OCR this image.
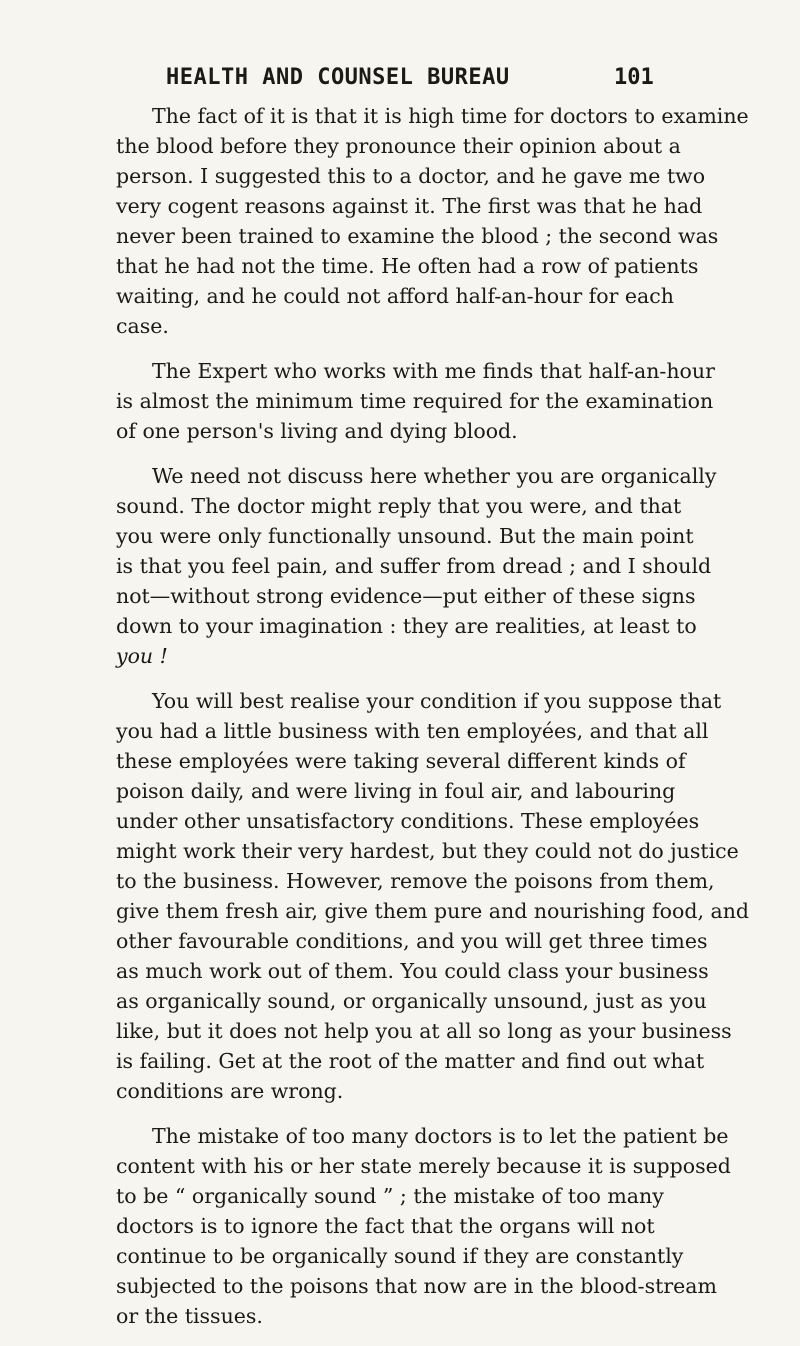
HEALTH AND COUNSEL BUREAU	101
The fact of it is that it is high time for doctors to examine
the blood before they pronounce their opinion about a
person. I suggested this to a doctor, and he gave me two
very cogent reasons against it. The first was that he had
never been trained to examine the blood ; the second was
that he had not the time. He often had a row of patients
waiting, and he could not afford half-an-hour for each
case.
The Expert who works with me finds that half-an-hour
is almost the minimum time required for the examination
of one person's living and dying blood.
We need not discuss here whether you are organically
sound. The doctor might reply that you were, and that
you were only functionally unsound. But the main point
is that you feel pain, and suffer from dread ; and I should
not—without strong evidence—put either of these signs
down to your imagination : they are realities, at least to
you !
You will best realise your condition if you suppose that
you had a little business with ten employées, and that all
these employées were taking several different kinds of
poison daily, and were living in foul air, and labouring
under other unsatisfactory conditions. These employées
might work their very hardest, but they could not do justice
to the business. However, remove the poisons from them,
give them fresh air, give them pure and nourishing food, and
other favourable conditions, and you will get three times
as much work out of them. You could class your business
as organically sound, or organically unsound, just as you
like, but it does not help you at all so long as your business
is failing. Get at the root of the matter and find out what
conditions are wrong.
The mistake of too many doctors is to let the patient be
content with his or her state merely because it is supposed
to be “ organically sound ” ; the mistake of too many
doctors is to ignore the fact that the organs will not
continue to be organically sound if they are constantly
subjected to the poisons that now are in the blood-stream
or the tissues.
